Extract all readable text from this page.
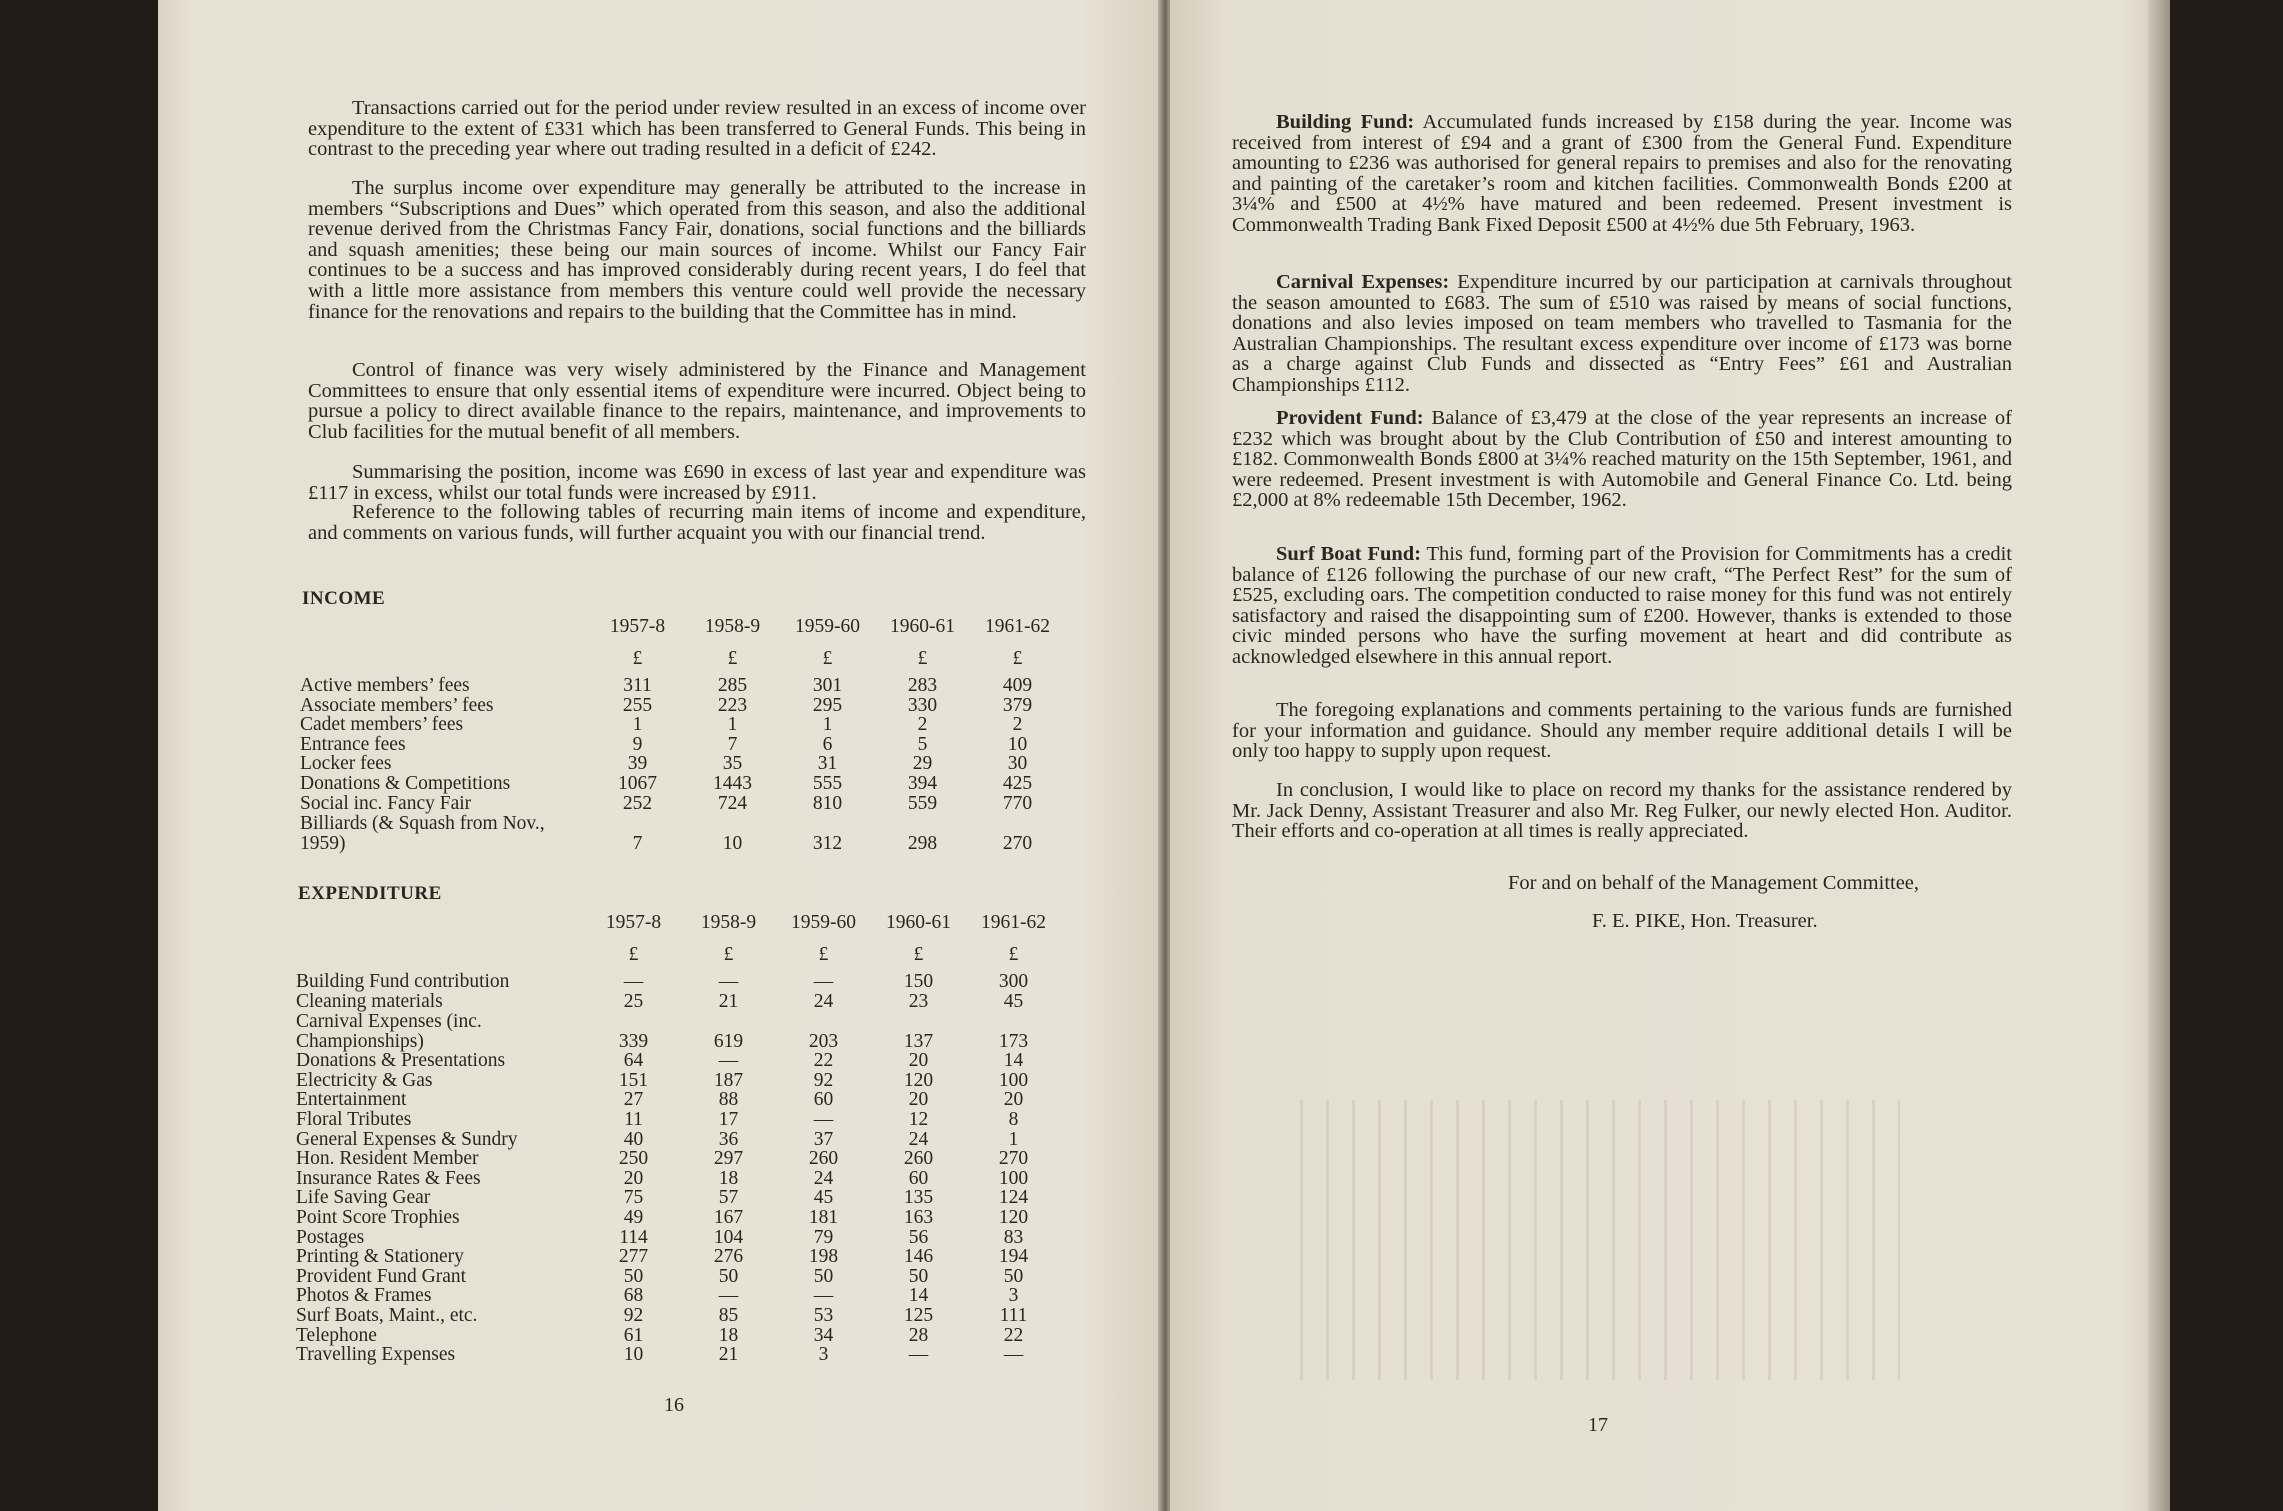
Transactions carried out for the period under review resulted in an excess of income over expenditure to the extent of £331 which has been transferred to General Funds. This being in contrast to the preceding year where out trading resulted in a deficit of £242.

The surplus income over expenditure may generally be attributed to the increase in members “Subscriptions and Dues” which operated from this season, and also the additional revenue derived from the Christmas Fancy Fair, donations, social functions and the billiards and squash amenities; these being our main sources of income. Whilst our Fancy Fair continues to be a success and has improved considerably during recent years, I do feel that with a little more assistance from members this venture could well provide the necessary finance for the renovations and repairs to the building that the Committee has in mind.

Control of finance was very wisely administered by the Finance and Management Committees to ensure that only essential items of expenditure were incurred. Object being to pursue a policy to direct available finance to the repairs, maintenance, and improvements to Club facilities for the mutual benefit of all members.

Summarising the position, income was £690 in excess of last year and expenditure was £117 in excess, whilst our total funds were increased by £911.

Reference to the following tables of recurring main items of income and expenditure, and comments on various funds, will further acquaint you with our financial trend.

INCOME
	1957-8	1958-9	1959-60	1960-61	1961-62
	£	£	£	£	£
Active members’ fees	311	285	301	283	409
Associate members’ fees	255	223	295	330	379
Cadet members’ fees	1	1	1	2	2
Entrance fees	9	7	6	5	10
Locker fees	39	35	31	29	30
Donations & Competitions	1067	1443	555	394	425
Social inc. Fancy Fair	252	724	810	559	770
Billiards (& Squash from Nov., 1959)	7	10	312	298	270
EXPENDITURE
	1957-8	1958-9	1959-60	1960-61	1961-62
	£	£	£	£	£
Building Fund contribution	—	—	—	150	300
Cleaning materials	25	21	24	23	45
Carnival Expenses (inc. Championships)	339	619	203	137	173
Donations & Presentations	64	—	22	20	14
Electricity & Gas	151	187	92	120	100
Entertainment	27	88	60	20	20
Floral Tributes	11	17	—	12	8
General Expenses & Sundry	40	36	37	24	1
Hon. Resident Member	250	297	260	260	270
Insurance Rates & Fees	20	18	24	60	100
Life Saving Gear	75	57	45	135	124
Point Score Trophies	49	167	181	163	120
Postages	114	104	79	56	83
Printing & Stationery	277	276	198	146	194
Provident Fund Grant	50	50	50	50	50
Photos & Frames	68	—	—	14	3
Surf Boats, Maint., etc.	92	85	53	125	111
Telephone	61	18	34	28	22
Travelling Expenses	10	21	3	—	—
16

Building Fund: Accumulated funds increased by £158 during the year. Income was received from interest of £94 and a grant of £300 from the General Fund. Expenditure amounting to £236 was authorised for general repairs to premises and also for the renovating and painting of the caretaker’s room and kitchen facilities. Commonwealth Bonds £200 at 3¼% and £500 at 4½% have matured and been redeemed. Present investment is Commonwealth Trading Bank Fixed Deposit £500 at 4½% due 5th February, 1963.

Carnival Expenses: Expenditure incurred by our participation at carnivals throughout the season amounted to £683. The sum of £510 was raised by means of social functions, donations and also levies imposed on team members who travelled to Tasmania for the Australian Championships. The resultant excess expenditure over income of £173 was borne as a charge against Club Funds and dissected as “Entry Fees” £61 and Australian Championships £112.

Provident Fund: Balance of £3,479 at the close of the year represents an increase of £232 which was brought about by the Club Contribution of £50 and interest amounting to £182. Commonwealth Bonds £800 at 3¼% reached maturity on the 15th September, 1961, and were redeemed. Present investment is with Automobile and General Finance Co. Ltd. being £2,000 at 8% redeemable 15th December, 1962.

Surf Boat Fund: This fund, forming part of the Provision for Commitments has a credit balance of £126 following the purchase of our new craft, “The Perfect Rest” for the sum of £525, excluding oars. The competition conducted to raise money for this fund was not entirely satisfactory and raised the disappointing sum of £200. However, thanks is extended to those civic minded persons who have the surfing movement at heart and did contribute as acknowledged elsewhere in this annual report.

The foregoing explanations and comments pertaining to the various funds are furnished for your information and guidance. Should any member require additional details I will be only too happy to supply upon request.

In conclusion, I would like to place on record my thanks for the assistance rendered by Mr. Jack Denny, Assistant Treasurer and also Mr. Reg Fulker, our newly elected Hon. Auditor. Their efforts and co-operation at all times is really appreciated.

For and on behalf of the Management Committee,
F. E. PIKE, Hon. Treasurer.
17
